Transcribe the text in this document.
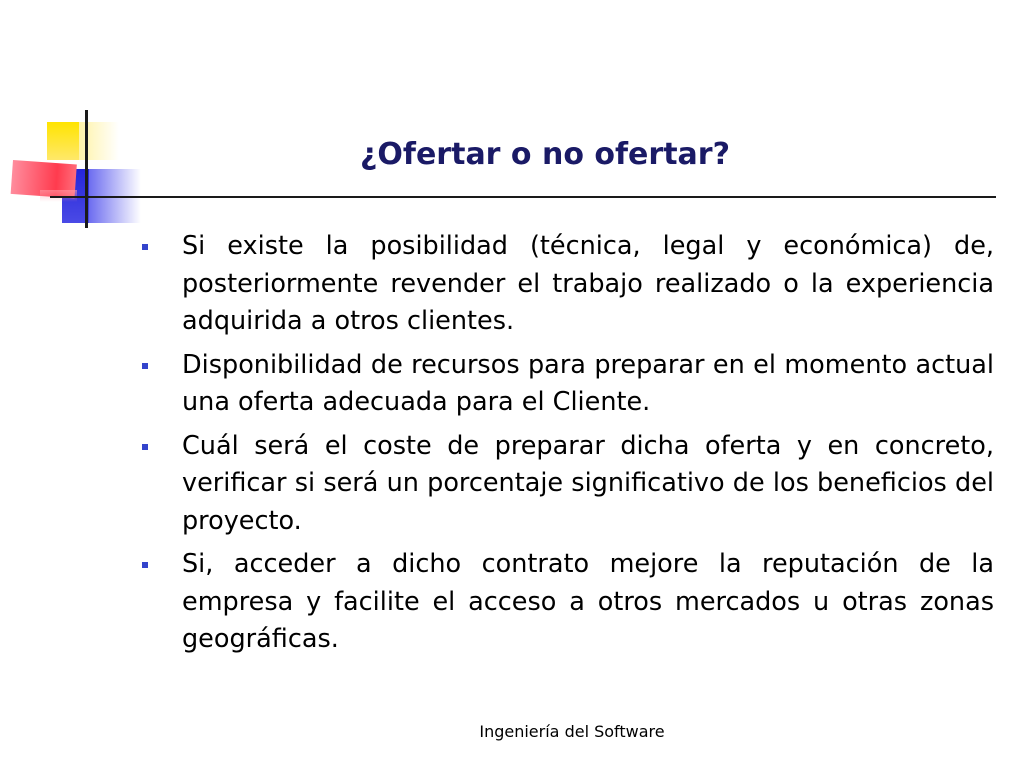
¿Ofertar o no ofertar?
Si existe la posibilidad (técnica, legal y económica) de, posteriormente revender el trabajo realizado o la experiencia adquirida a otros clientes.
Disponibilidad de recursos para preparar en el momento actual una oferta adecuada para el Cliente.
Cuál será el coste de preparar dicha oferta y en concreto, verificar si será un porcentaje significativo de los beneficios del proyecto.
Si, acceder a dicho contrato mejore la reputación de la empresa y facilite el acceso a otros mercados u otras zonas geográficas.
Ingeniería del Software
